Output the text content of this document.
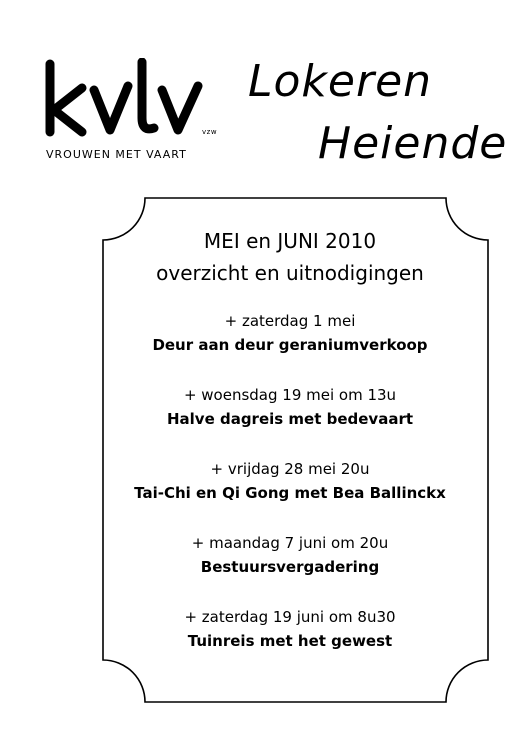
vzw
VROUWEN MET VAART
Lokeren
Heiende
MEI en JUNI 2010
overzicht en uitnodigingen
+ zaterdag 1 mei
Deur aan deur geraniumverkoop
+ woensdag 19 mei om 13u
Halve dagreis met bedevaart
+ vrijdag 28 mei 20u
Tai-Chi en Qi Gong met Bea Ballinckx
+ maandag 7 juni om 20u
Bestuursvergadering
+ zaterdag 19 juni om 8u30
Tuinreis met het gewest
